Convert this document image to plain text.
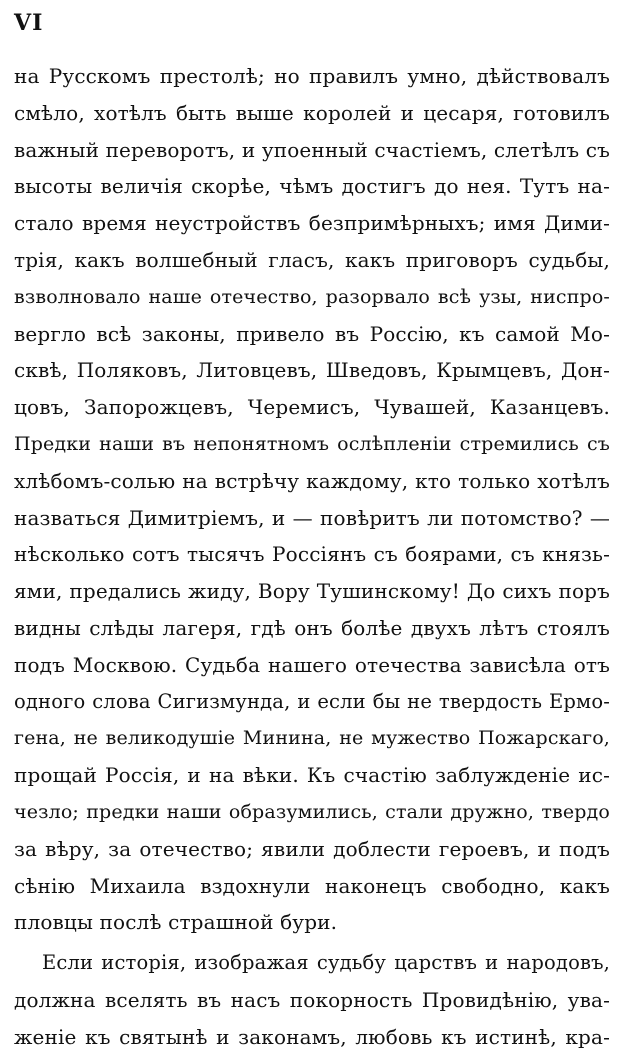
VI
на Русскомъ престолѣ; но правилъ умно, дѣйствовалъ
смѣло, хотѣлъ быть выше королей и цесаря, готовилъ
важный переворотъ, и упоенный счастіемъ, слетѣлъ съ
высоты величія скорѣе, чѣмъ достигъ до нея. Тутъ на-
стало время неустройствъ безпримѣрныхъ; имя Дими-
трія, какъ волшебный гласъ, какъ приговоръ судьбы,
взволновало наше отечество, разорвало всѣ узы, ниспро-
вергло всѣ законы, привело въ Россію, къ самой Мо-
сквѣ, Поляковъ, Литовцевъ, Шведовъ, Крымцевъ, Дон-
цовъ, Запорожцевъ, Черемисъ, Чувашей, Казанцевъ.
Предки наши въ непонятномъ ослѣпленіи стремились съ
хлѣбомъ-солью на встрѣчу каждому, кто только хотѣлъ
назваться Димитріемъ, и — повѣритъ ли потомство? —
нѣсколько сотъ тысячъ Россіянъ съ боярами, съ князь-
ями, предались жиду, Вору Тушинскому! До сихъ поръ
видны слѣды лагеря, гдѣ онъ болѣе двухъ лѣтъ стоялъ
подъ Москвою. Судьба нашего отечества зависѣла отъ
одного слова Сигизмунда, и если бы не твердость Ермо-
гена, не великодушіе Минина, не мужество Пожарскаго,
прощай Россія, и на вѣки. Къ счастію заблужденіе ис-
чезло; предки наши образумились, стали дружно, твердо
за вѣру, за отечество; явили доблести героевъ, и подъ
сѣнію Михаила вздохнули наконецъ свободно, какъ
пловцы послѣ страшной бури.
Если исторія, изображая судьбу царствъ и народовъ,
должна вселять въ насъ покорность Провидѣнію, ува-
женіе къ святынѣ и законамъ, любовь къ истинѣ, кра-
